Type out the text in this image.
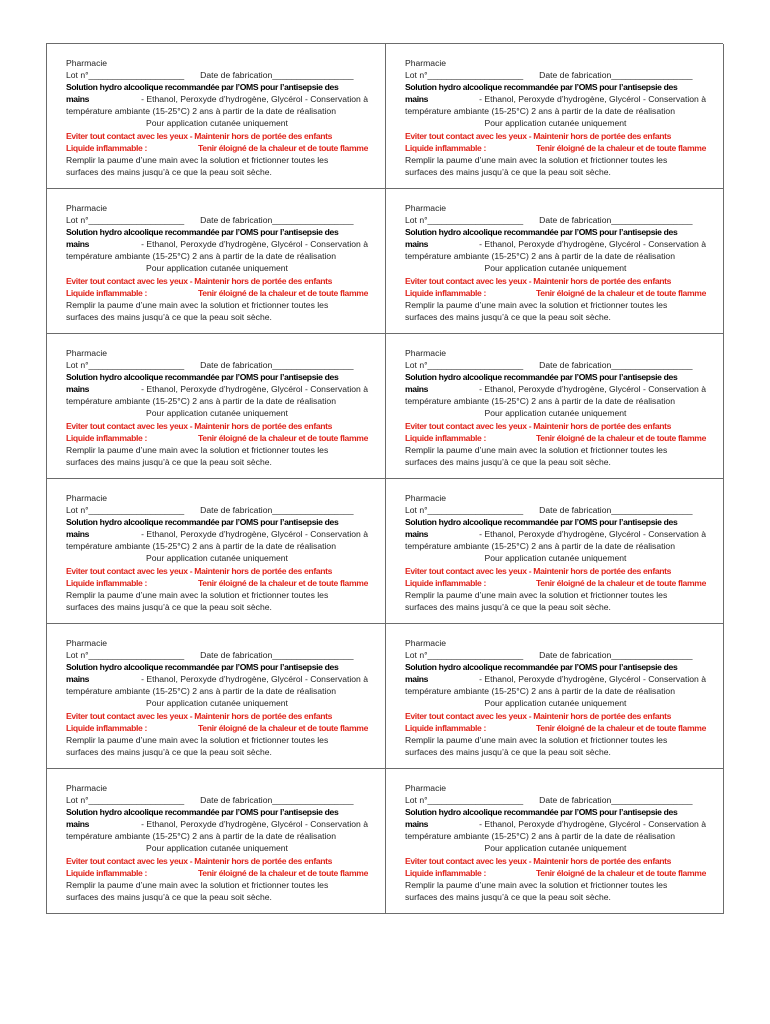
Pharmacie

Lot n°____________________ Date de fabrication_________________

Solution hydro alcoolique recommandée par l’OMS pour l’antisepsie des

mains	- Ethanol, Peroxyde d’hydrogène, Glycérol - Conservation à

température ambiante (15-25°C) 2 ans à partir de la date de réalisation

Pour application cutanée uniquement

Eviter tout contact avec les yeux - Maintenir hors de portée des enfants

Liquide inflammable :	Tenir éloigné de la chaleur et de toute flamme

Remplir la paume d’une main avec la solution et frictionner toutes les

surfaces des mains jusqu’à ce que la peau soit sèche.

Pharmacie

Lot n°____________________ Date de fabrication_________________

Solution hydro alcoolique recommandée par l’OMS pour l’antisepsie des

mains	- Ethanol, Peroxyde d’hydrogène, Glycérol - Conservation à

température ambiante (15-25°C) 2 ans à partir de la date de réalisation

Pour application cutanée uniquement

Eviter tout contact avec les yeux - Maintenir hors de portée des enfants

Liquide inflammable :	Tenir éloigné de la chaleur et de toute flamme

Remplir la paume d’une main avec la solution et frictionner toutes les

surfaces des mains jusqu’à ce que la peau soit sèche.

Pharmacie

Lot n°____________________ Date de fabrication_________________

Solution hydro alcoolique recommandée par l’OMS pour l’antisepsie des

mains	- Ethanol, Peroxyde d’hydrogène, Glycérol - Conservation à

température ambiante (15-25°C) 2 ans à partir de la date de réalisation

Pour application cutanée uniquement

Eviter tout contact avec les yeux - Maintenir hors de portée des enfants

Liquide inflammable :	Tenir éloigné de la chaleur et de toute flamme

Remplir la paume d’une main avec la solution et frictionner toutes les

surfaces des mains jusqu’à ce que la peau soit sèche.

Pharmacie

Lot n°____________________ Date de fabrication_________________

Solution hydro alcoolique recommandée par l’OMS pour l’antisepsie des

mains	- Ethanol, Peroxyde d’hydrogène, Glycérol - Conservation à

température ambiante (15-25°C) 2 ans à partir de la date de réalisation

Pour application cutanée uniquement

Eviter tout contact avec les yeux - Maintenir hors de portée des enfants

Liquide inflammable :	Tenir éloigné de la chaleur et de toute flamme

Remplir la paume d’une main avec la solution et frictionner toutes les

surfaces des mains jusqu’à ce que la peau soit sèche.

Pharmacie

Lot n°____________________ Date de fabrication_________________

Solution hydro alcoolique recommandée par l’OMS pour l’antisepsie des

mains	- Ethanol, Peroxyde d’hydrogène, Glycérol - Conservation à

température ambiante (15-25°C) 2 ans à partir de la date de réalisation

Pour application cutanée uniquement

Eviter tout contact avec les yeux - Maintenir hors de portée des enfants

Liquide inflammable :	Tenir éloigné de la chaleur et de toute flamme

Remplir la paume d’une main avec la solution et frictionner toutes les

surfaces des mains jusqu’à ce que la peau soit sèche.

Pharmacie

Lot n°____________________ Date de fabrication_________________

Solution hydro alcoolique recommandée par l’OMS pour l’antisepsie des

mains	- Ethanol, Peroxyde d’hydrogène, Glycérol - Conservation à

température ambiante (15-25°C) 2 ans à partir de la date de réalisation

Pour application cutanée uniquement

Eviter tout contact avec les yeux - Maintenir hors de portée des enfants

Liquide inflammable :	Tenir éloigné de la chaleur et de toute flamme

Remplir la paume d’une main avec la solution et frictionner toutes les

surfaces des mains jusqu’à ce que la peau soit sèche.

Pharmacie

Lot n°____________________ Date de fabrication_________________

Solution hydro alcoolique recommandée par l’OMS pour l’antisepsie des

mains	- Ethanol, Peroxyde d’hydrogène, Glycérol - Conservation à

température ambiante (15-25°C) 2 ans à partir de la date de réalisation

Pour application cutanée uniquement

Eviter tout contact avec les yeux - Maintenir hors de portée des enfants

Liquide inflammable :	Tenir éloigné de la chaleur et de toute flamme

Remplir la paume d’une main avec la solution et frictionner toutes les

surfaces des mains jusqu’à ce que la peau soit sèche.

Pharmacie

Lot n°____________________ Date de fabrication_________________

Solution hydro alcoolique recommandée par l’OMS pour l’antisepsie des

mains	- Ethanol, Peroxyde d’hydrogène, Glycérol - Conservation à

température ambiante (15-25°C) 2 ans à partir de la date de réalisation

Pour application cutanée uniquement

Eviter tout contact avec les yeux - Maintenir hors de portée des enfants

Liquide inflammable :	Tenir éloigné de la chaleur et de toute flamme

Remplir la paume d’une main avec la solution et frictionner toutes les

surfaces des mains jusqu’à ce que la peau soit sèche.

Pharmacie

Lot n°____________________ Date de fabrication_________________

Solution hydro alcoolique recommandée par l’OMS pour l’antisepsie des

mains	- Ethanol, Peroxyde d’hydrogène, Glycérol - Conservation à

température ambiante (15-25°C) 2 ans à partir de la date de réalisation

Pour application cutanée uniquement

Eviter tout contact avec les yeux - Maintenir hors de portée des enfants

Liquide inflammable :	Tenir éloigné de la chaleur et de toute flamme

Remplir la paume d’une main avec la solution et frictionner toutes les

surfaces des mains jusqu’à ce que la peau soit sèche.

Pharmacie

Lot n°____________________ Date de fabrication_________________

Solution hydro alcoolique recommandée par l’OMS pour l’antisepsie des

mains	- Ethanol, Peroxyde d’hydrogène, Glycérol - Conservation à

température ambiante (15-25°C) 2 ans à partir de la date de réalisation

Pour application cutanée uniquement

Eviter tout contact avec les yeux - Maintenir hors de portée des enfants

Liquide inflammable :	Tenir éloigné de la chaleur et de toute flamme

Remplir la paume d’une main avec la solution et frictionner toutes les

surfaces des mains jusqu’à ce que la peau soit sèche.

Pharmacie

Lot n°____________________ Date de fabrication_________________

Solution hydro alcoolique recommandée par l’OMS pour l’antisepsie des

mains	- Ethanol, Peroxyde d’hydrogène, Glycérol - Conservation à

température ambiante (15-25°C) 2 ans à partir de la date de réalisation

Pour application cutanée uniquement

Eviter tout contact avec les yeux - Maintenir hors de portée des enfants

Liquide inflammable :	Tenir éloigné de la chaleur et de toute flamme

Remplir la paume d’une main avec la solution et frictionner toutes les

surfaces des mains jusqu’à ce que la peau soit sèche.

Pharmacie

Lot n°____________________ Date de fabrication_________________

Solution hydro alcoolique recommandée par l’OMS pour l’antisepsie des

mains	- Ethanol, Peroxyde d’hydrogène, Glycérol - Conservation à

température ambiante (15-25°C) 2 ans à partir de la date de réalisation

Pour application cutanée uniquement

Eviter tout contact avec les yeux - Maintenir hors de portée des enfants

Liquide inflammable :	Tenir éloigné de la chaleur et de toute flamme

Remplir la paume d’une main avec la solution et frictionner toutes les

surfaces des mains jusqu’à ce que la peau soit sèche.
